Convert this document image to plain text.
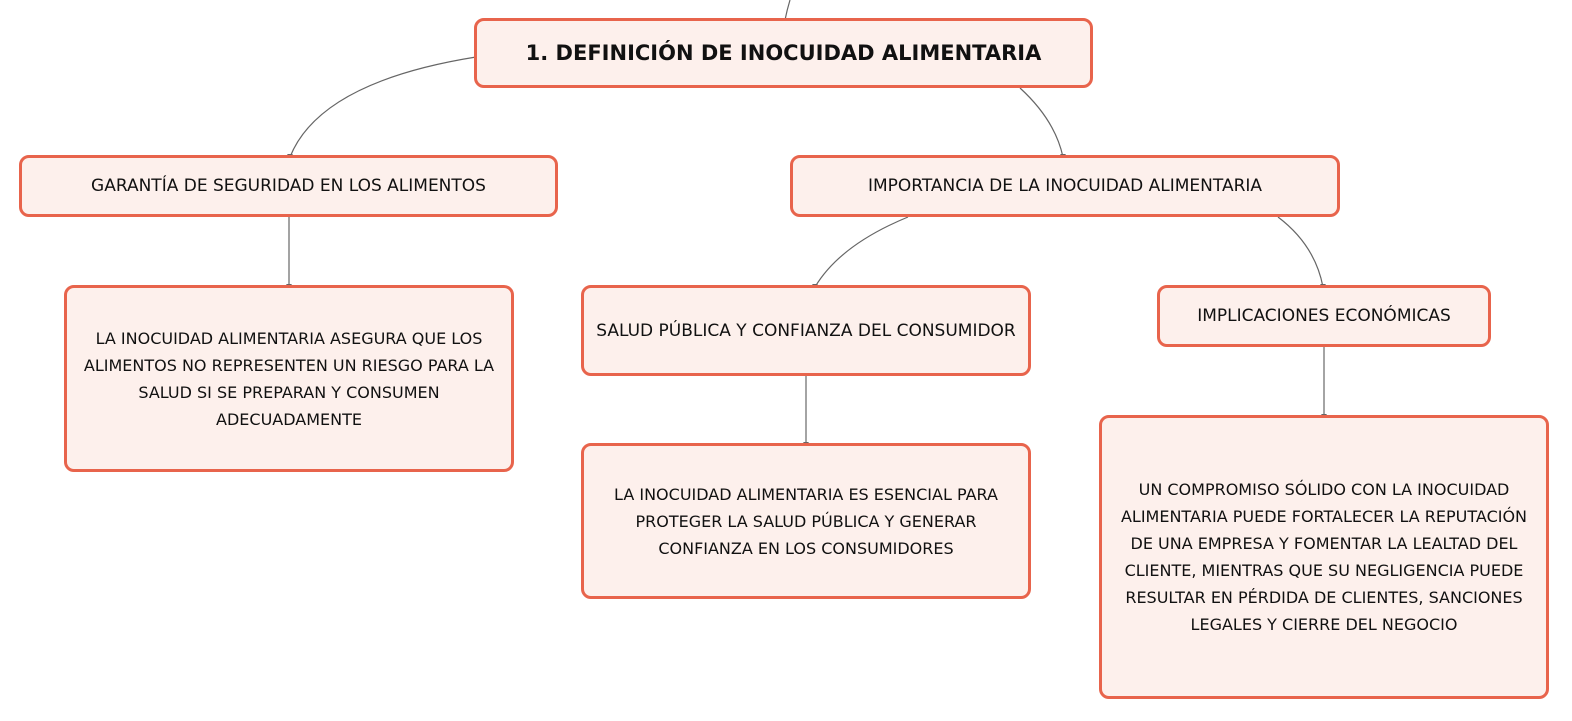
1. DEFINICIÓN DE INOCUIDAD ALIMENTARIA
GARANTÍA DE SEGURIDAD EN LOS ALIMENTOS	IMPORTANCIA DE LA INOCUIDAD ALIMENTARIA
LA INOCUIDAD ALIMENTARIA ASEGURA QUE LOS ALIMENTOS NO REPRESENTEN UN RIESGO PARA LA SALUD SI SE PREPARAN Y CONSUMEN ADECUADAMENTE
SALUD PÚBLICA Y CONFIANZA DEL CONSUMIDOR
IMPLICACIONES ECONÓMICAS
LA INOCUIDAD ALIMENTARIA ES ESENCIAL PARA PROTEGER LA SALUD PÚBLICA Y GENERAR CONFIANZA EN LOS CONSUMIDORES
UN COMPROMISO SÓLIDO CON LA INOCUIDAD ALIMENTARIA PUEDE FORTALECER LA REPUTACIÓN DE UNA EMPRESA Y FOMENTAR LA LEALTAD DEL CLIENTE, MIENTRAS QUE SU NEGLIGENCIA PUEDE RESULTAR EN PÉRDIDA DE CLIENTES, SANCIONES LEGALES Y CIERRE DEL NEGOCIO
